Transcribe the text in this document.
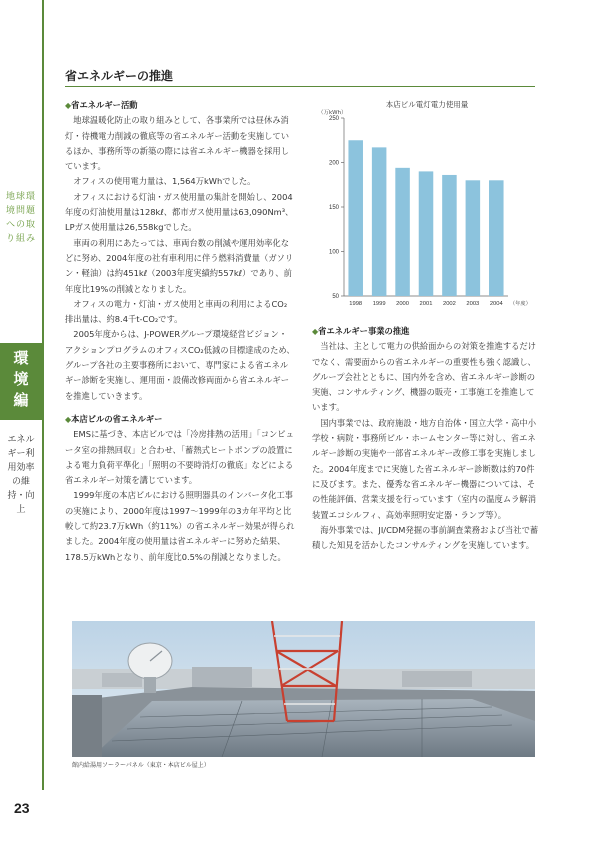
地球環境問題への取り組み
環境編
エネルギー利用効率の維持・向上
23
省エネルギーの推進
◆省エネルギー活動
地球温暖化防止の取り組みとして、各事業所では昼休み消灯・待機電力削減の徹底等の省エネルギー活動を実施しているほか、事務所等の新築の際には省エネルギー機器を採用しています。
オフィスの使用電力量は、1,564万kWhでした。
オフィスにおける灯油・ガス使用量の集計を開始し、2004年度の灯油使用量は128kℓ、都市ガス使用量は63,090Nm³、LPガス使用量は26,558kgでした。
車両の利用にあたっては、車両台数の削減や運用効率化などに努め、2004年度の社有車利用に伴う燃料消費量（ガソリン・軽油）は約451kℓ（2003年度実績約557kℓ）であり、前年度比19%の削減となりました。
オフィスの電力・灯油・ガス使用と車両の利用によるCO₂排出量は、約8.4千t-CO₂です。
2005年度からは、J-POWERグループ環境経営ビジョン・アクションプログラムのオフィスCO₂低減の目標達成のため、グループ各社の主要事務所において、専門家による省エネルギー診断を実施し、運用面・設備改修両面から省エネルギーを推進していきます。
◆本店ビルの省エネルギー
EMSに基づき、本店ビルでは「冷房排熱の活用」「コンピュータ室の排熱回収」と合わせ、「蓄熱式ヒートポンプの設置による電力負荷平準化」「照明の不要時消灯の徹底」などによる省エネルギー対策を講じています。
1999年度の本店ビルにおける照明器具のインバータ化工事の実施により、2000年度は1997〜1999年の3カ年平均と比較して約23.7万kWh（約11%）の省エネルギー効果が得られました。2004年度の使用量は省エネルギーに努めた結果、178.5万kWhとなり、前年度比0.5%の削減となりました。
本店ビル電灯電力使用量
（万kWh）
50
100
150
200
250
1998 1999 2000 2001 2002 2003 2004 （年度）
◆省エネルギー事業の推進
当社は、主として電力の供給面からの対策を推進するだけでなく、需要面からの省エネルギーの重要性も強く認識し、グループ会社とともに、国内外を含め、省エネルギー診断の実施、コンサルティング、機器の販売・工事施工を推進しています。
国内事業では、政府施設・地方自治体・国立大学・高中小学校・病院・事務所ビル・ホームセンター等に対し、省エネルギー診断の実施や一部省エネルギー改修工事を実施しました。2004年度までに実施した省エネルギー診断数は約70件に及びます。また、優秀な省エネルギー機器については、その性能評価、営業支援を行っています（室内の温度ムラ解消装置エコシルフィ、高効率照明安定器・ランプ等）。
海外事業では、JI/CDM発掘の事前調査業務および当社で蓄積した知見を活かしたコンサルティングを実施しています。
館内給湯用ソーラーパネル（東京・本店ビル屋上）
